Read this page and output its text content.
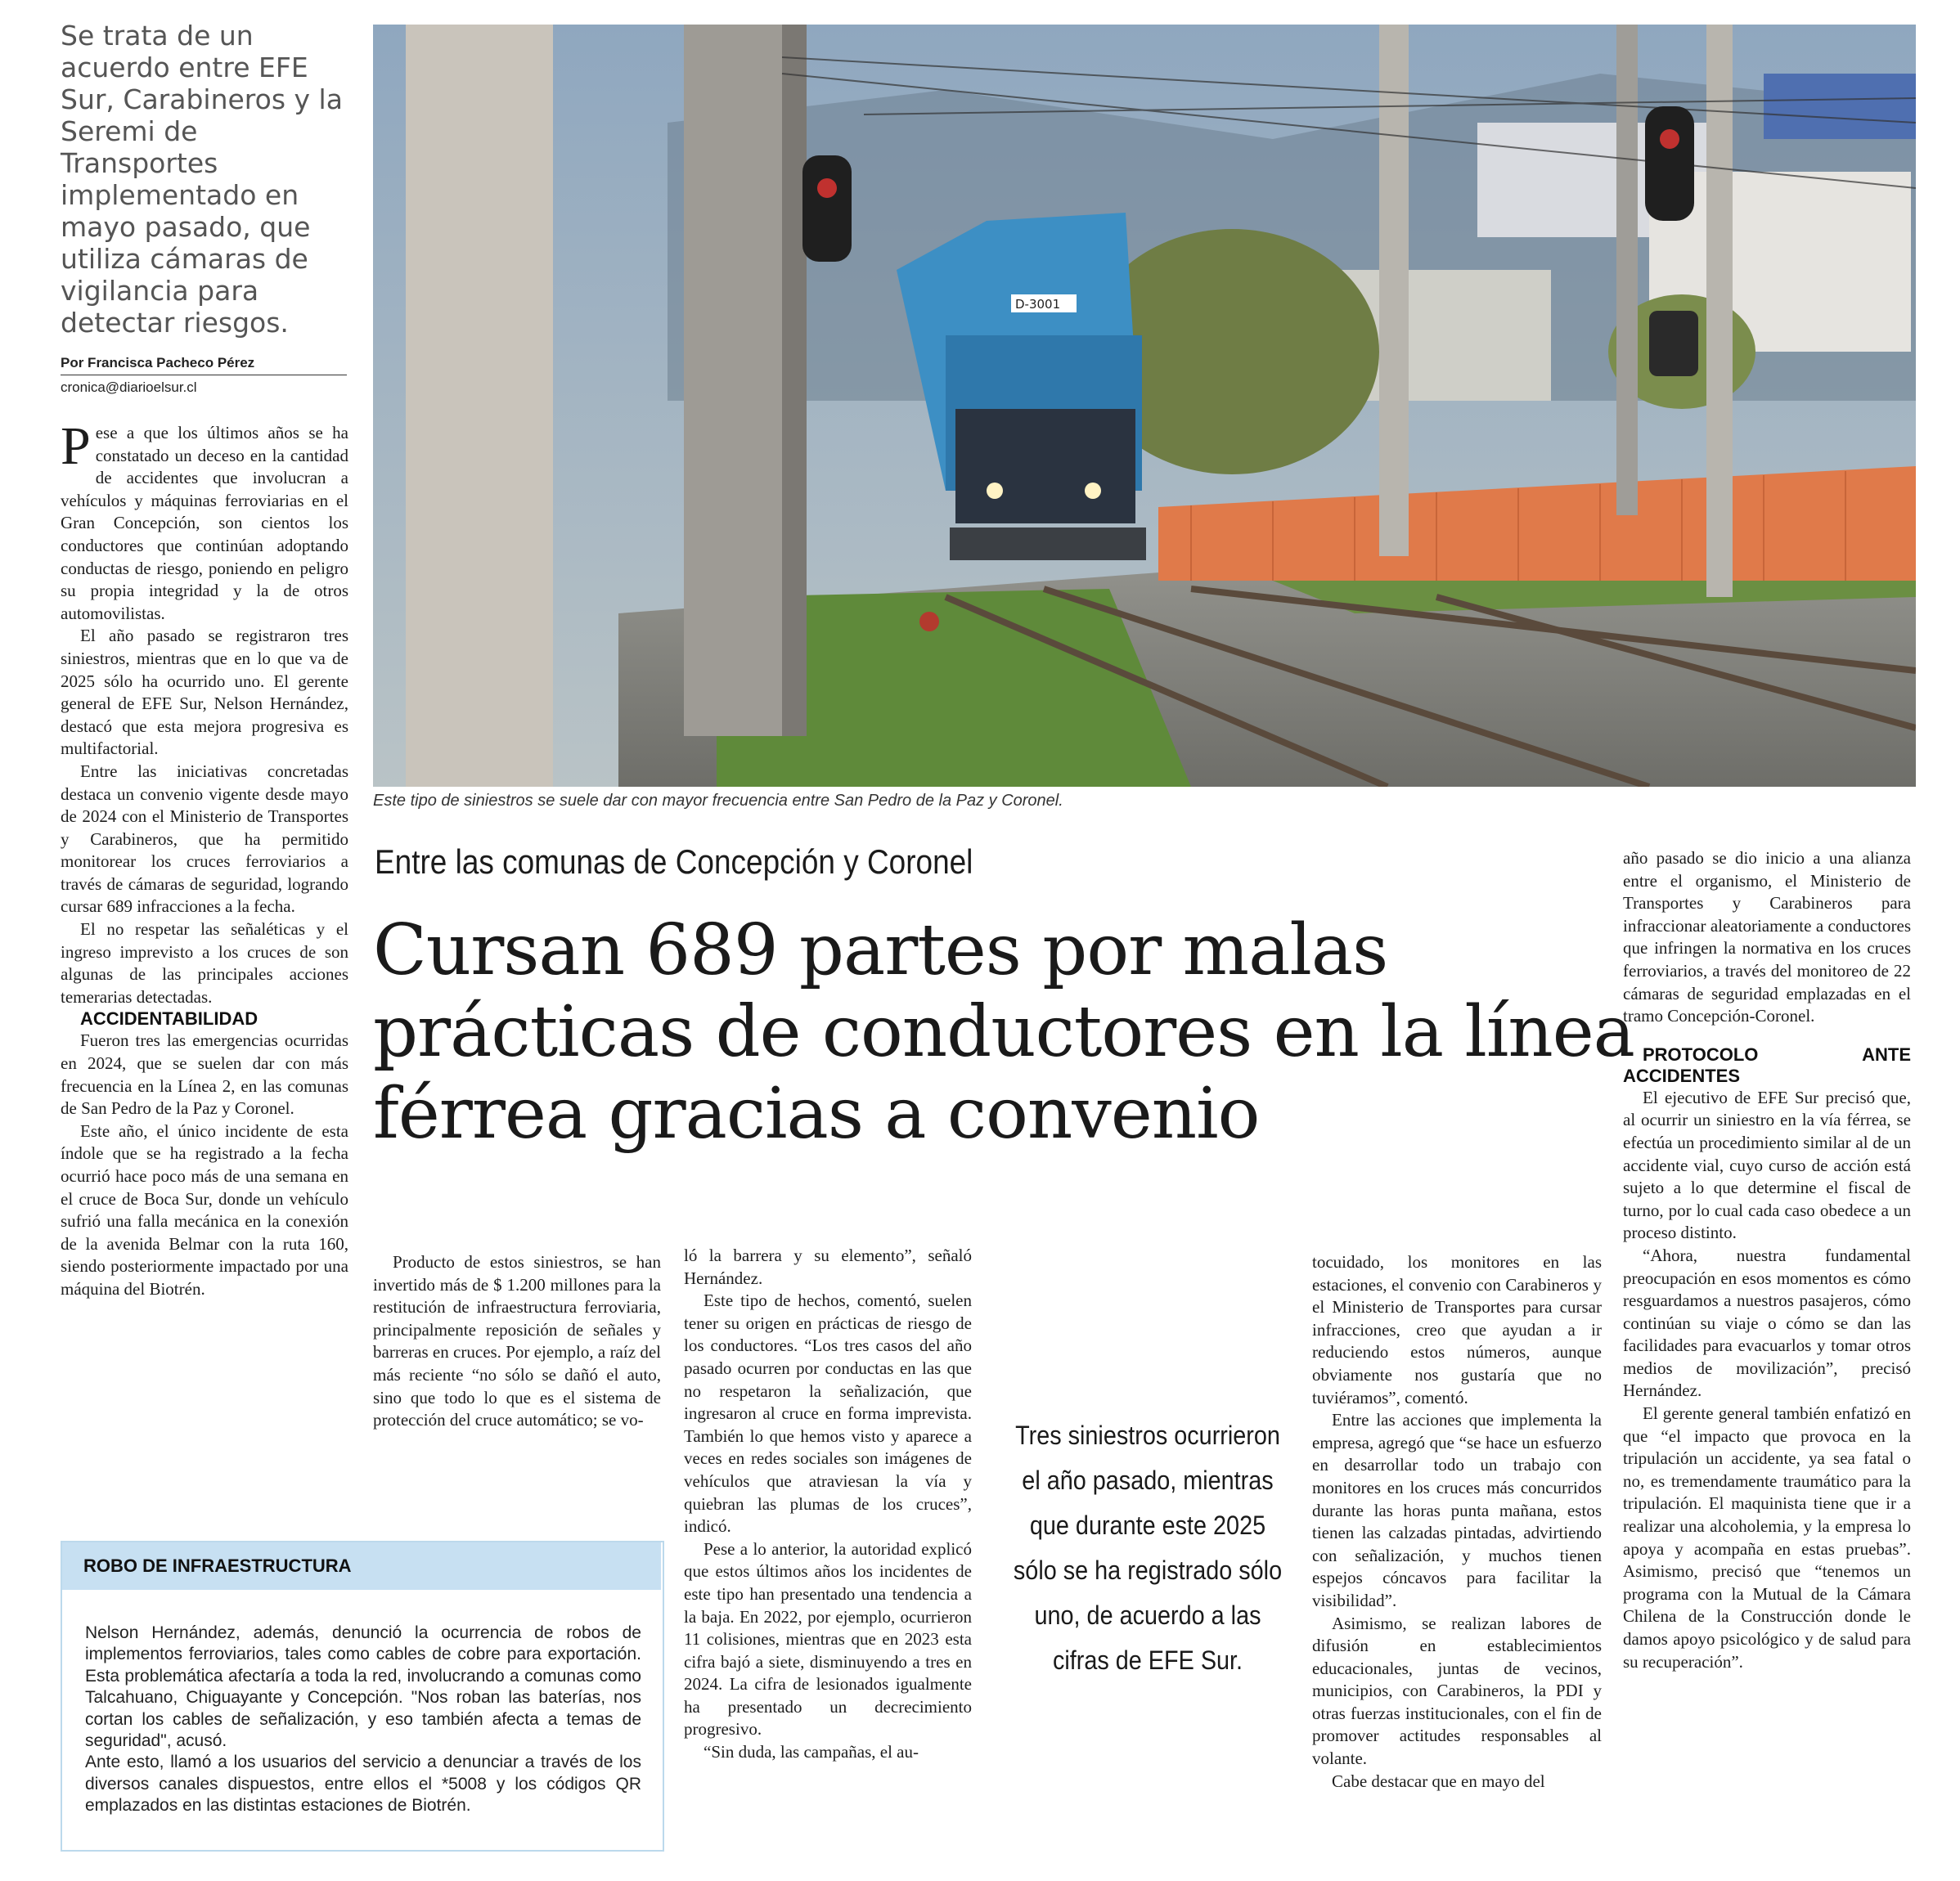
Se trata de un acuerdo entre EFE Sur, Carabineros y la Seremi de Transportes implementado en mayo pasado, que utiliza cámaras de vigilancia para detectar riesgos.
Por Francisca Pacheco Pérez
cronica@diarioelsur.cl

Pese a que los últimos años se ha constatado un deceso en la cantidad de accidentes que involucran a vehículos y máquinas ferroviarias en el Gran Concepción, son cientos los conductores que continúan adoptando conductas de riesgo, poniendo en peligro su propia integridad y la de otros automovilistas.

El año pasado se registraron tres siniestros, mientras que en lo que va de 2025 sólo ha ocurrido uno. El gerente general de EFE Sur, Nelson Hernández, destacó que esta mejora progresiva es multifactorial.

Entre las iniciativas concretadas destaca un convenio vigente desde mayo de 2024 con el Ministerio de Transportes y Carabineros, que ha permitido monitorear los cruces ferroviarios a través de cámaras de seguridad, logrando cursar 689 infracciones a la fecha.

El no respetar las señaléticas y el ingreso imprevisto a los cruces de son algunas de las principales acciones temerarias detectadas.

ACCIDENTABILIDAD

Fueron tres las emergencias ocurridas en 2024, que se suelen dar con más frecuencia en la Línea 2, en las comunas de San Pedro de la Paz y Coronel.

Este año, el único incidente de esta índole que se ha registrado a la fecha ocurrió hace poco más de una semana en el cruce de Boca Sur, donde un vehículo sufrió una falla mecánica en la conexión de la avenida Belmar con la ruta 160, siendo posteriormente impactado por una máquina del Biotrén.

D-3001
Este tipo de siniestros se suele dar con mayor frecuencia entre San Pedro de la Paz y Coronel.
Entre las comunas de Concepción y Coronel
Cursan 689 partes por malas prácticas de conductores en la línea férrea gracias a convenio

Producto de estos siniestros, se han invertido más de $ 1.200 millones para la restitución de infraestructura ferroviaria, principalmente reposición de señales y barreras en cruces. Por ejemplo, a raíz del más reciente “no sólo se dañó el auto, sino que todo lo que es el sistema de protección del cruce automático; se vo-

ló la barrera y su elemento”, señaló Hernández.

Este tipo de hechos, comentó, suelen tener su origen en prácticas de riesgo de los conductores. “Los tres casos del año pasado ocurren por conductas en las que no respetaron la señalización, que ingresaron al cruce en forma imprevista. También lo que hemos visto y aparece a veces en redes sociales son imágenes de vehículos que atraviesan la vía y quiebran las plumas de los cruces”, indicó.

Pese a lo anterior, la autoridad explicó que estos últimos años los incidentes de este tipo han presentado una tendencia a la baja. En 2022, por ejemplo, ocurrieron 11 colisiones, mientras que en 2023 esta cifra bajó a siete, disminuyendo a tres en 2024. La cifra de lesionados igualmente ha presentado un decrecimiento progresivo.

“Sin duda, las campañas, el au-

Tres siniestros ocurrieron el año pasado, mientras que durante este 2025 sólo se ha registrado sólo uno, de acuerdo a las cifras de EFE Sur.

tocuidado, los monitores en las estaciones, el convenio con Carabineros y el Ministerio de Transportes para cursar infracciones, creo que ayudan a ir reduciendo estos números, aunque obviamente nos gustaría que no tuviéramos”, comentó.

Entre las acciones que implementa la empresa, agregó que “se hace un esfuerzo en desarrollar todo un trabajo con monitores en los cruces más concurridos durante las horas punta mañana, estos tienen las calzadas pintadas, advirtiendo con señalización, y muchos tienen espejos cóncavos para facilitar la visibilidad”.

Asimismo, se realizan labores de difusión en establecimientos educacionales, juntas de vecinos, municipios, con Carabineros, la PDI y otras fuerzas institucionales, con el fin de promover actitudes responsables al volante.

Cabe destacar que en mayo del

año pasado se dio inicio a una alianza entre el organismo, el Ministerio de Transportes y Carabineros para infraccionar aleatoriamente a conductores que infringen la normativa en los cruces ferroviarios, a través del monitoreo de 22 cámaras de seguridad emplazadas en el tramo Concepción-Coronel.

PROTOCOLO ANTE ACCIDENTES

El ejecutivo de EFE Sur precisó que, al ocurrir un siniestro en la vía férrea, se efectúa un procedimiento similar al de un accidente vial, cuyo curso de acción está sujeto a lo que determine el fiscal de turno, por lo cual cada caso obedece a un proceso distinto.

“Ahora, nuestra fundamental preocupación en esos momentos es cómo resguardamos a nuestros pasajeros, cómo continúan su viaje o cómo se dan las facilidades para evacuarlos y tomar otros medios de movilización”, precisó Hernández.

El gerente general también enfatizó en que “el impacto que provoca en la tripulación un accidente, ya sea fatal o no, es tremendamente traumático para la tripulación. El maquinista tiene que ir a realizar una alcoholemia, y la empresa lo apoya y acompaña en estas pruebas”. Asimismo, precisó que “tenemos un programa con la Mutual de la Cámara Chilena de la Construcción donde le damos apoyo psicológico y de salud para su recuperación”.

ROBO DE INFRAESTRUCTURA

Nelson Hernández, además, denunció la ocurrencia de robos de implementos ferroviarios, tales como cables de cobre para exportación. Esta problemática afectaría a toda la red, involucrando a comunas como Talcahuano, Chiguayante y Concepción. "Nos roban las baterías, nos cortan los cables de señalización, y eso también afecta a temas de seguridad", acusó.

Ante esto, llamó a los usuarios del servicio a denunciar a través de los diversos canales dispuestos, entre ellos el *5008 y los códigos QR emplazados en las distintas estaciones de Biotrén.
